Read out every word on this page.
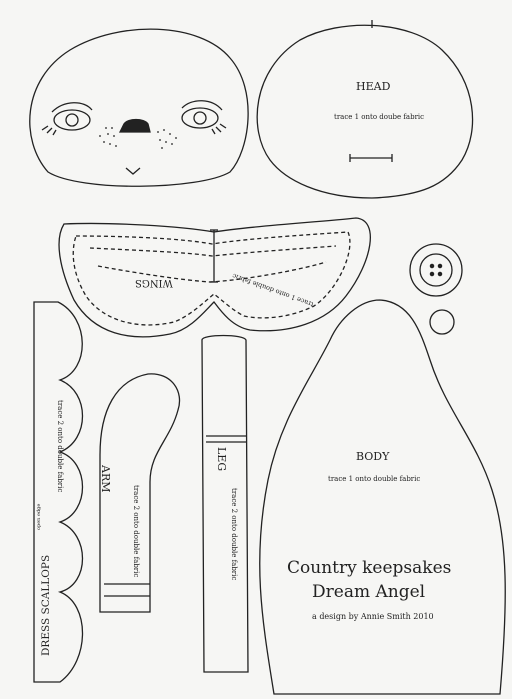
HEAD
trace 1 onto doube fabric
WINGS	trace 1 onto double fabric
BODY
trace 1 onto double fabric
ARM
trace 2 onto double fabric
LEG
trace 2 onto double fabric
DRESS SCALLOPS
trace 2 onto double fabric
open edge
Country keepsakes
Dream Angel
a design by Annie Smith 2010
